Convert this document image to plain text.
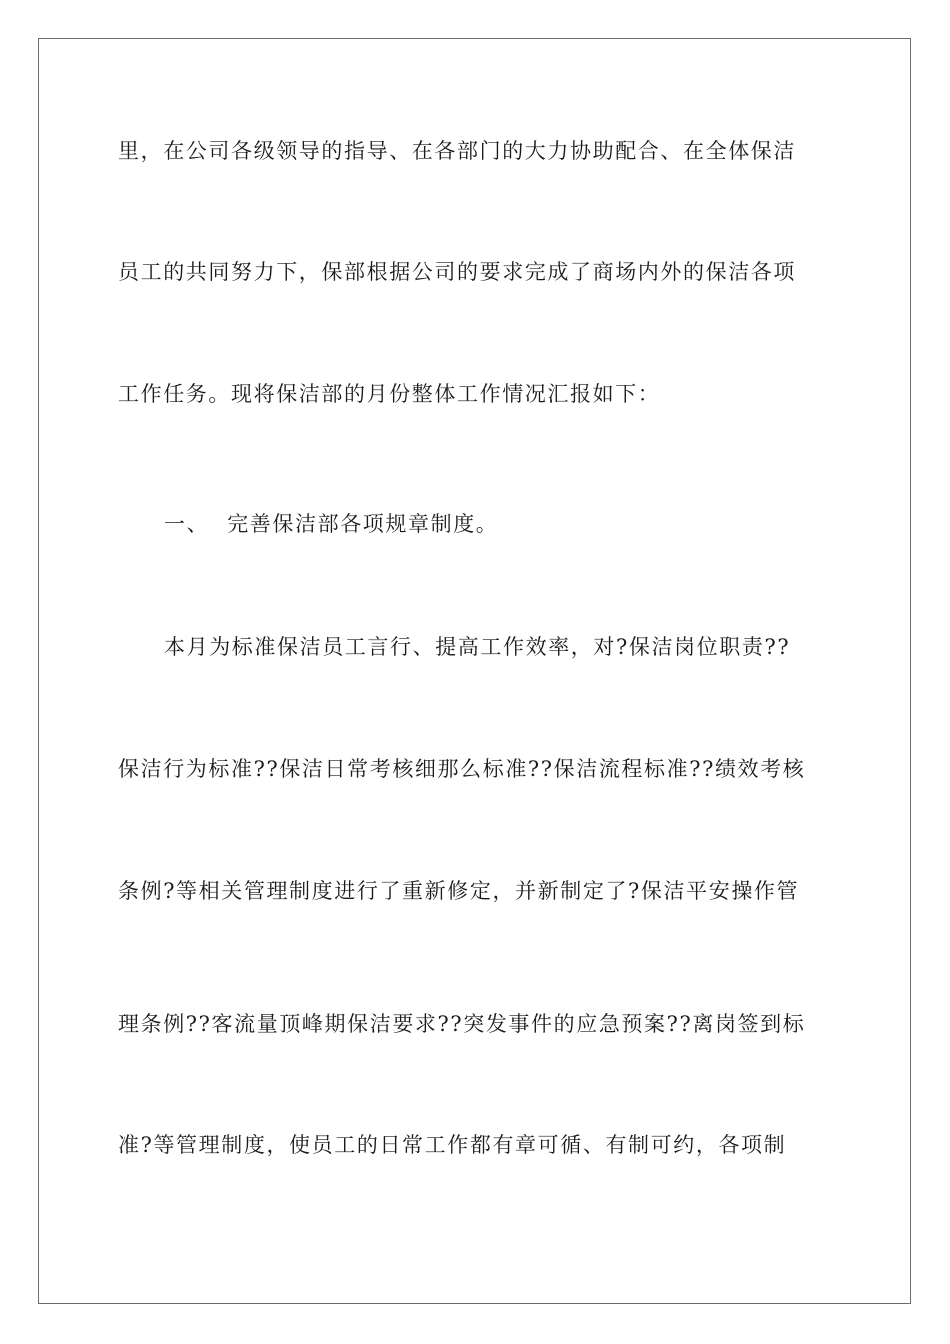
里，在公司各级领导的指导、在各部门的大力协助配合、在全体保洁
员工的共同努力下，保部根据公司的要求完成了商场内外的保洁各项
工作任务。现将保洁部的月份整体工作情况汇报如下：
一、 完善保洁部各项规章制度。
本月为标准保洁员工言行、提高工作效率，对?保洁岗位职责??
保洁行为标准??保洁日常考核细那么标准??保洁流程标准??绩效考核
条例?等相关管理制度进行了重新修定，并新制定了?保洁平安操作管
理条例??客流量顶峰期保洁要求??突发事件的应急预案??离岗签到标
准?等管理制度，使员工的日常工作都有章可循、有制可约，各项制
